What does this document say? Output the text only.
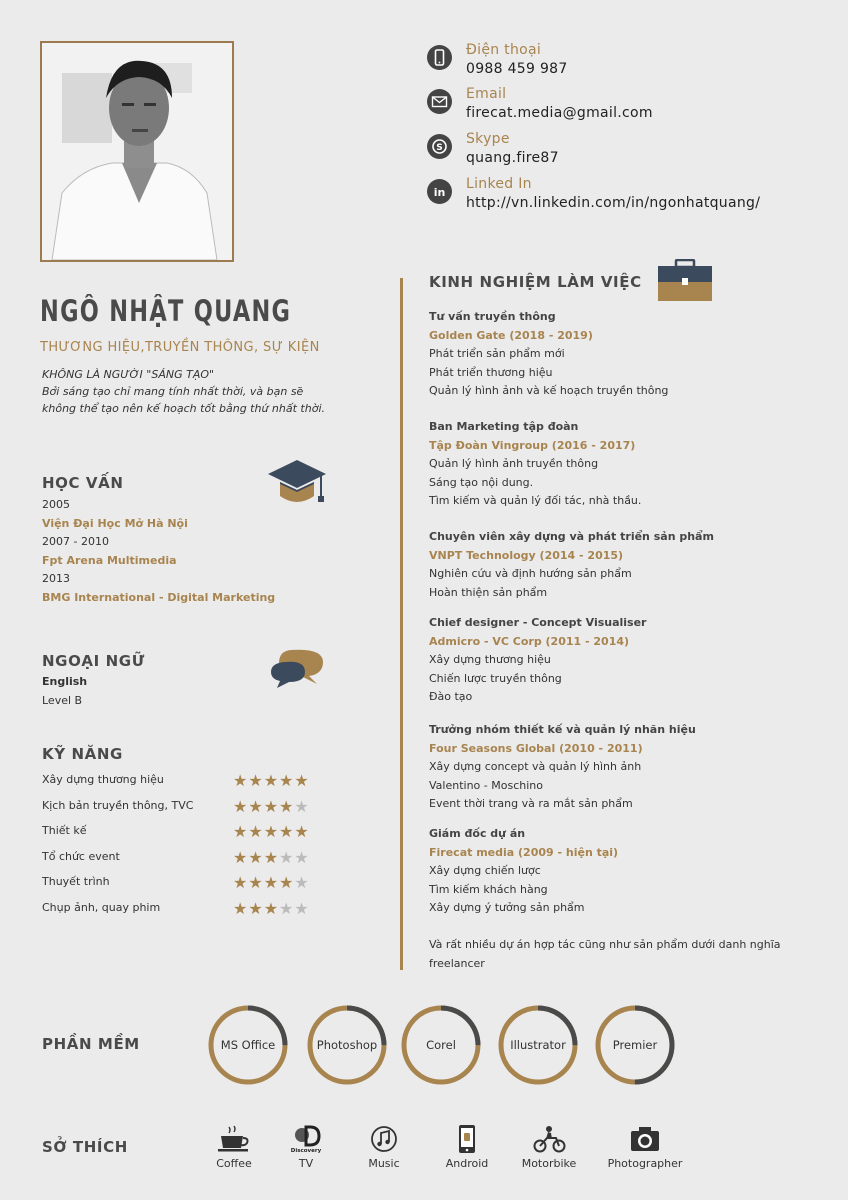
Điện thoại
0988 459 987
Email
firecat.media@gmail.com
S
Skype
quang.fire87
in
Linked In
http://vn.linkedin.com/in/ngonhatquang/
NGÔ NHẬT QUANG
THƯƠNG HIỆU,TRUYỀN THÔNG, SỰ KIỆN
KHÔNG LÀ NGƯỜI "SÁNG TẠO"
Bởi sáng tạo chỉ mang tính nhất thời, và bạn sẽ
không thể tạo nên kế hoạch tốt bằng thứ nhất thời.
HỌC VẤN
2005
Viện Đại Học Mở Hà Nội
2007 - 2010
Fpt Arena Multimedia
2013
BMG International - Digital Marketing
NGOẠI NGỮ
English
Level B
KỸ NĂNG
Xây dựng thương hiệu	★★★★★
Kịch bản truyền thông, TVC ★★★★★
Thiết kế	★★★★★
Tổ chức event	★★★★★
Thuyết trình	★★★★★
Chụp ảnh, quay phim	★★★★★
KINH NGHIỆM LÀM VIỆC
Tư vấn truyền thông
Golden Gate (2018 - 2019)
Phát triển sản phẩm mới
Phát triển thương hiệu
Quản lý hình ảnh và kế hoạch truyền thông
Ban Marketing tập đoàn
Tập Đoàn Vingroup (2016 - 2017)
Quản lý hình ảnh truyền thông
Sáng tạo nội dung.
Tìm kiếm và quản lý đối tác, nhà thầu.
Chuyên viên xây dựng và phát triển sản phẩm
VNPT Technology (2014 - 2015)
Nghiên cứu và định hướng sản phẩm
Hoàn thiện sản phẩm
Chief designer - Concept Visualiser
Admicro - VC Corp (2011 - 2014)
Xây dựng thương hiệu
Chiến lược truyền thông
Đào tạo
Trưởng nhóm thiết kế và quản lý nhãn hiệu
Four Seasons Global (2010 - 2011)
Xây dựng concept và quản lý hình ảnh
Valentino - Moschino
Event thời trang và ra mắt sản phẩm
Giám đốc dự án
Firecat media (2009 - hiện tại)
Xây dựng chiến lược
Tìm kiếm khách hàng
Xây dựng ý tưởng sản phẩm
Và rất nhiều dự án hợp tác cũng như sản phẩm dưới danh nghĩa
freelancer
PHẦN MỀM	MS Office	Photoshop	Corel	Illustrator	Premier
SỞ THÍCH
Coffee
Discovery
TV	Music	Android	Motorbike	Photographer
